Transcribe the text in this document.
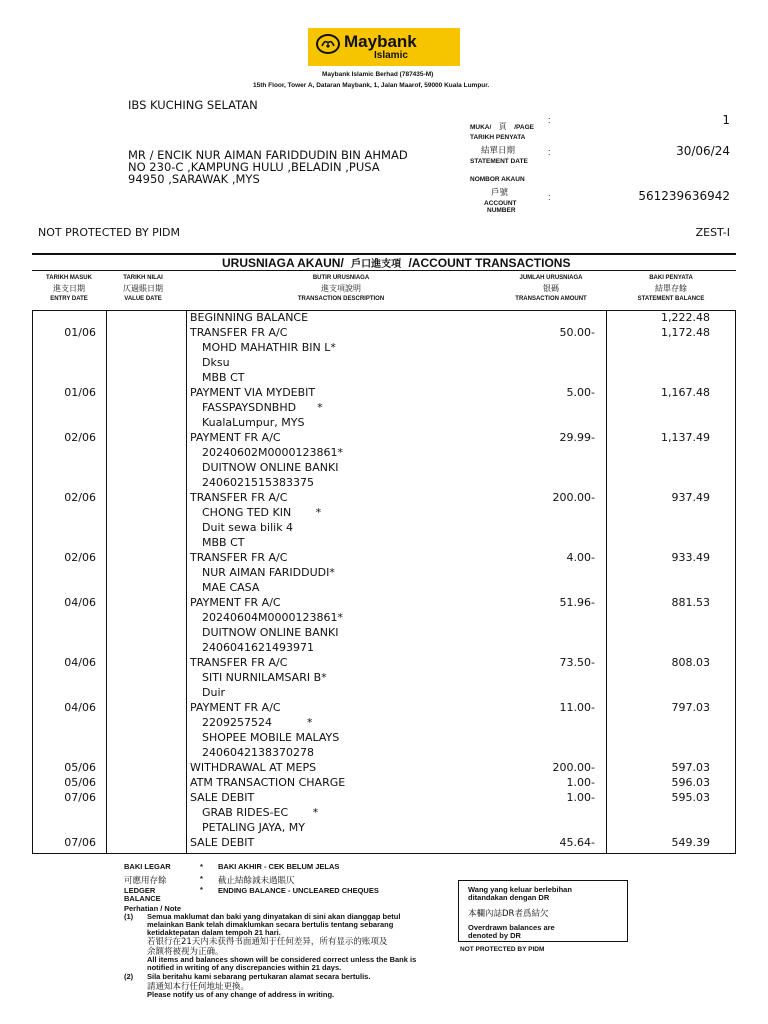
Maybank
Islamic
Maybank Islamic Berhad (787435-M)
15th Floor, Tower A, Dataran Maybank, 1, Jalan Maarof, 59000 Kuala Lumpur.
IBS KUCHING SELATAN
MR / ENCIK NUR AIMAN FARIDDUDIN BIN AHMAD
NO 230-C ,KAMPUNG HULU ,BELADIN ,PUSA
94950 ,SARAWAK ,MYS
MUKA/ 頁 /PAGE
:	1
TARIKH PENYATA
結單日期
STATEMENT DATE
:	30/06/24
NOMBOR AKAUN
戶號
ACCOUNT
NUMBER
:	561239636942
NOT PROTECTED BY PIDM	ZEST-I
URUSNIAGA AKAUN/ 戶口進支項 /ACCOUNT TRANSACTIONS
TARIKH MASUK
進支日期
ENTRY DATE
TARIKH NILAI
仄過賬日期
VALUE DATE
BUTIR URUSNIAGA
進支項說明
TRANSACTION DESCRIPTION
JUMLAH URUSNIAGA
银碼
TRANSACTION AMOUNT
BAKI PENYATA
結單存餘
STATEMENT BALANCE
BEGINNING BALANCE	1,222.48
01/06	TRANSFER FR A/C	50.00-	1,172.48
MOHD MAHATHIR BIN L*
Dksu
MBB CT
01/06	PAYMENT VIA MYDEBIT	5.00-	1,167.48
FASSPAYSDNBHD      *
KualaLumpur, MYS
02/06	PAYMENT FR A/C	29.99-	1,137.49
20240602M0000123861*
DUITNOW ONLINE BANKI
2406021515383375
02/06	TRANSFER FR A/C	200.00-	937.49
CHONG TED KIN       *
Duit sewa bilik 4
MBB CT
02/06	TRANSFER FR A/C	4.00-	933.49
NUR AIMAN FARIDDUDI*
MAE CASA
04/06	PAYMENT FR A/C	51.96-	881.53
20240604M0000123861*
DUITNOW ONLINE BANKI
2406041621493971
04/06	TRANSFER FR A/C	73.50-	808.03
SITI NURNILAMSARI B*
Duir
04/06	PAYMENT FR A/C	11.00-	797.03
2209257524          *
SHOPEE MOBILE MALAYS
2406042138370278
05/06	WITHDRAWAL AT MEPS	200.00-	597.03
05/06	ATM TRANSACTION CHARGE	1.00-	596.03
07/06	SALE DEBIT	1.00-	595.03
GRAB RIDES-EC       *
PETALING JAYA, MY
07/06	SALE DEBIT	45.64-	549.39
BAKI LEGAR	* BAKI AKHIR - CEK BELUM JELAS
可應用存餘	* 截止結餘減未過賬仄
LEDGER	* ENDING BALANCE - UNCLEARED CHEQUES
BALANCE
Perhatian / Note
(1) Semua maklumat dan baki yang dinyatakan di sini akan dianggap betul
melainkan Bank telah dimaklumkan secara bertulis tentang sebarang
ketidaktepatan dalam tempoh 21 hari.
若银行在21天内未获得书面通知于任何差异，所有显示的账项及
余额将被视为正确。
All items and balances shown will be considered correct unless the Bank is
notified in writing of any discrepancies within 21 days.
(2) Sila beritahu kami sebarang pertukaran alamat secara bertulis.
請通知本行任何地址更換。
Please notify us of any change of address in writing.
Wang yang keluar berlebihan
ditandakan dengan DR
本欄內誌DR者爲結欠
Overdrawn balances are
denoted by DR
NOT PROTECTED BY PIDM
